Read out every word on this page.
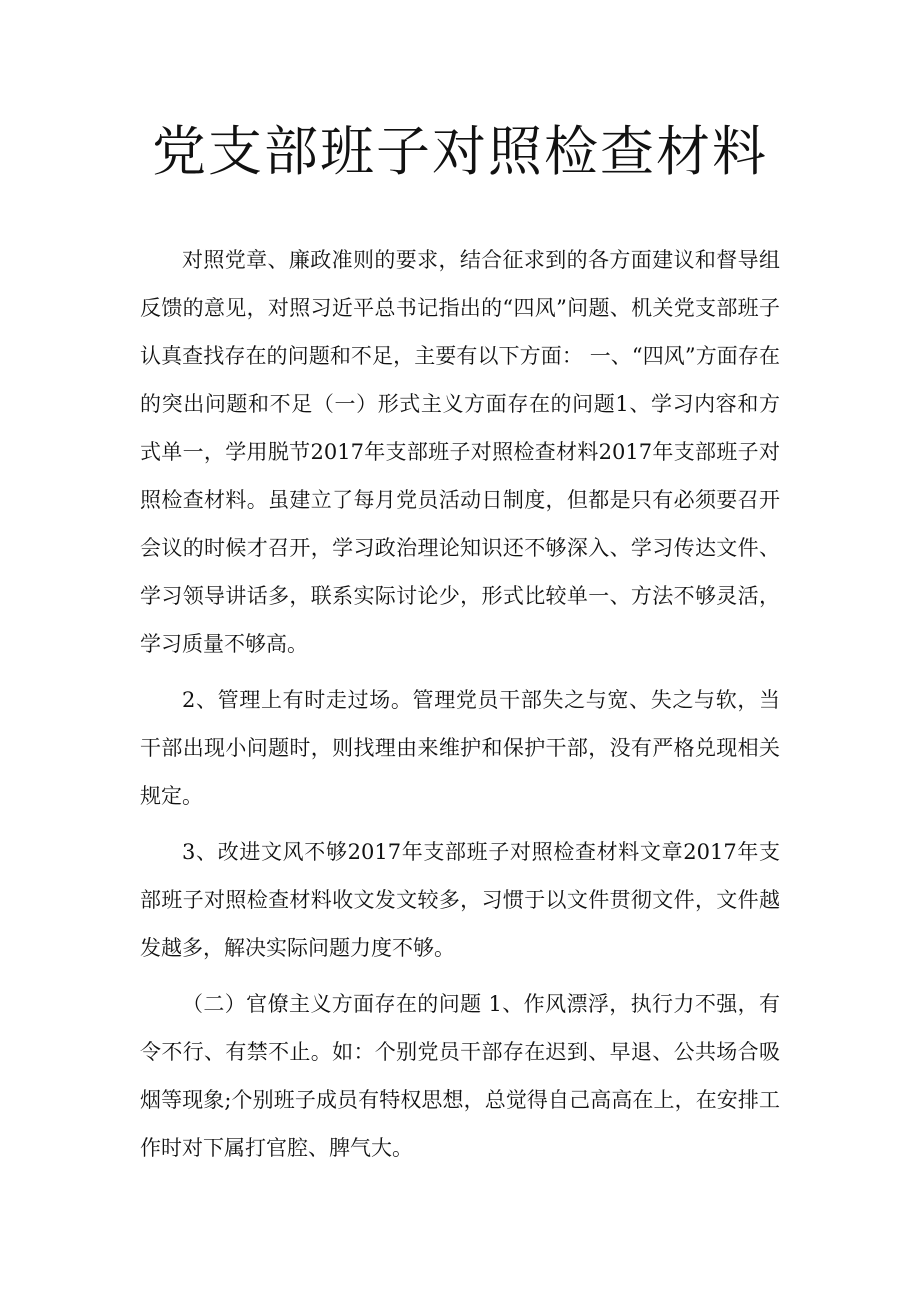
党支部班子对照检查材料

对照党章、廉政准则的要求，结合征求到的各方面建议和督导组反馈的意见，对照习近平总书记指出的“四风”问题、机关党支部班子认真查找存在的问题和不足，主要有以下方面： 一、“四风”方面存在的突出问题和不足（一）形式主义方面存在的问题1、学习内容和方式单一，学用脱节2017年支部班子对照检查材料2017年支部班子对照检查材料。虽建立了每月党员活动日制度，但都是只有必须要召开会议的时候才召开，学习政治理论知识还不够深入、学习传达文件、学习领导讲话多，联系实际讨论少，形式比较单一、方法不够灵活，学习质量不够高。

2、管理上有时走过场。管理党员干部失之与宽、失之与软，当干部出现小问题时，则找理由来维护和保护干部，没有严格兑现相关规定。

3、改进文风不够2017年支部班子对照检查材料文章2017年支部班子对照检查材料收文发文较多，习惯于以文件贯彻文件，文件越发越多，解决实际问题力度不够。

（二）官僚主义方面存在的问题 1、作风漂浮，执行力不强，有令不行、有禁不止。如：个别党员干部存在迟到、早退、公共场合吸烟等现象;个别班子成员有特权思想，总觉得自己高高在上，在安排工作时对下属打官腔、脾气大。
